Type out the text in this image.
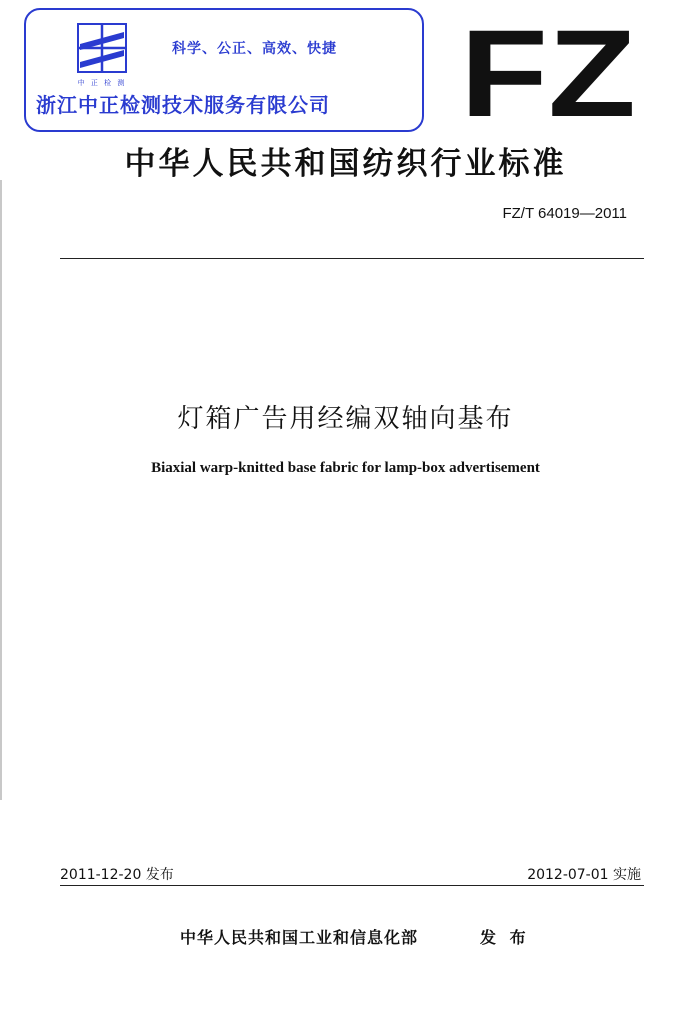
中 正 检 测
科学、公正、高效、快捷
浙江中正检测技术服务有限公司 FZ
中华人民共和国纺织行业标准
FZ/T 64019—2011
灯箱广告用经编双轴向基布
Biaxial warp-knitted base fabric for lamp-box advertisement
2011-12-20 发布	2012-07-01 实施
中华人民共和国工业和信息化部	发 布
